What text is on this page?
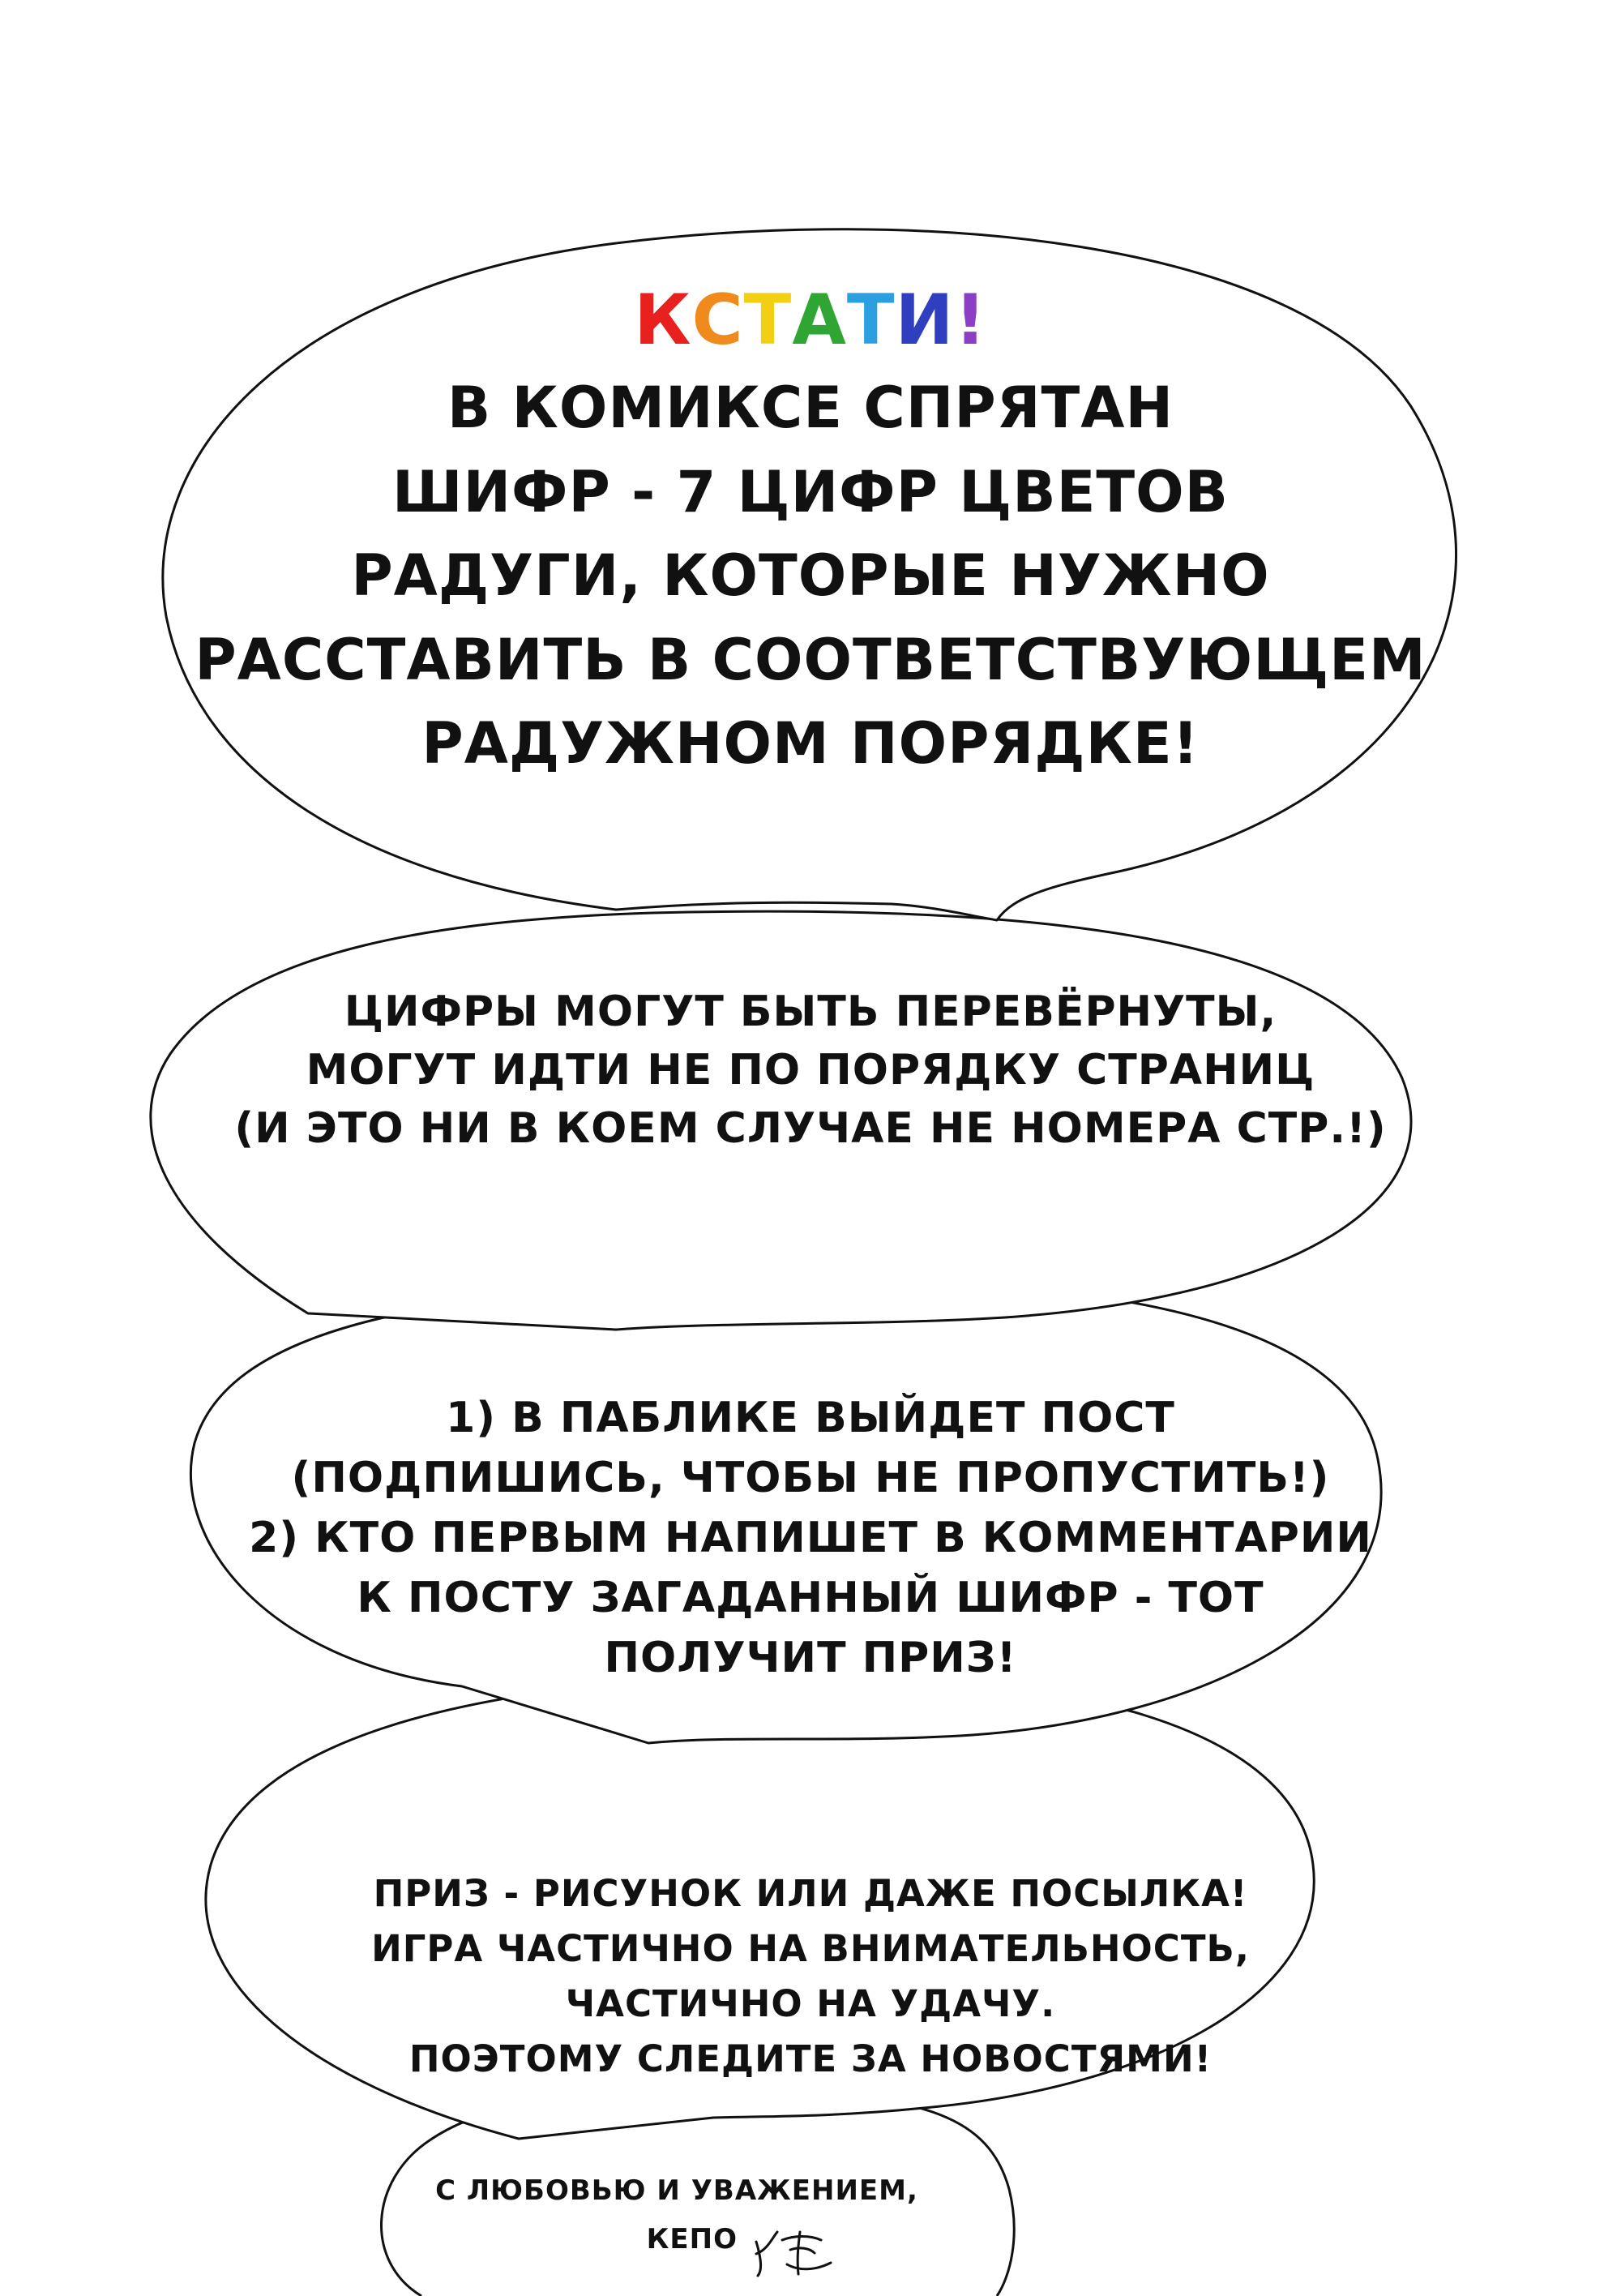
КСТАТИ!
В КОМИКСЕ СПРЯТАН
ШИФР - 7 ЦИФР ЦВЕТОВ
РАДУГИ, КОТОРЫЕ НУЖНО
РАССТАВИТЬ В СООТВЕТСТВУЮЩЕМ
РАДУЖНОМ ПОРЯДКЕ!
ЦИФРЫ МОГУТ БЫТЬ ПЕРЕВЁРНУТЫ,
МОГУТ ИДТИ НЕ ПО ПОРЯДКУ СТРАНИЦ
(И ЭТО НИ В КОЕМ СЛУЧАЕ НЕ НОМЕРА СТР.!)
1) В ПАБЛИКЕ ВЫЙДЕТ ПОСТ
(ПОДПИШИСЬ, ЧТОБЫ НЕ ПРОПУСТИТЬ!)
2) КТО ПЕРВЫМ НАПИШЕТ В КОММЕНТАРИИ
К ПОСТУ ЗАГАДАННЫЙ ШИФР - ТОТ
ПОЛУЧИТ ПРИЗ!
ПРИЗ - РИСУНОК ИЛИ ДАЖЕ ПОСЫЛКА!
ИГРА ЧАСТИЧНО НА ВНИМАТЕЛЬНОСТЬ,
ЧАСТИЧНО НА УДАЧУ.
ПОЭТОМУ СЛЕДИТЕ ЗА НОВОСТЯМИ!
С ЛЮБОВЬЮ И УВАЖЕНИЕМ,
КЕПО
